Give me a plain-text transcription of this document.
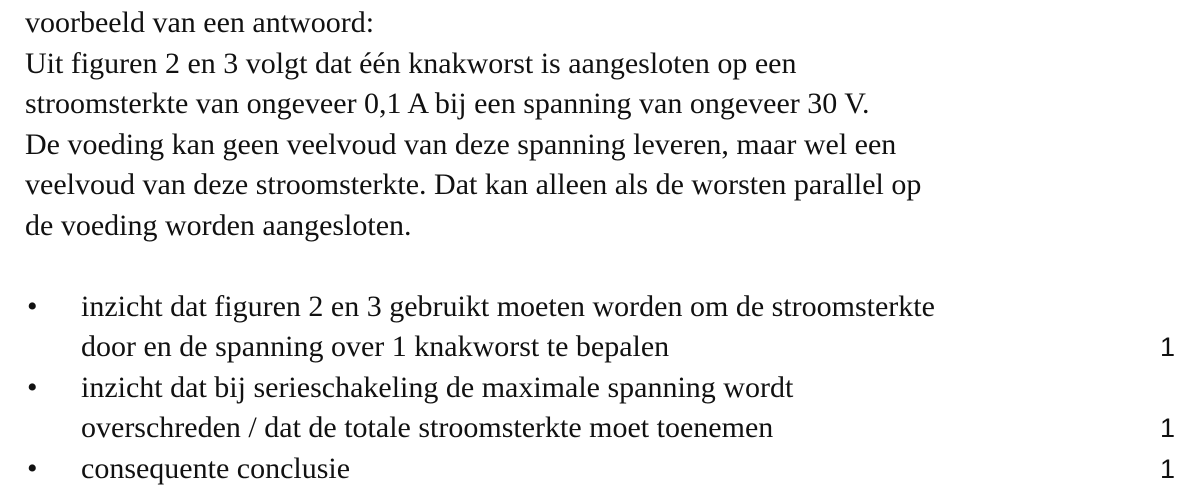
voorbeeld van een antwoord:
Uit figuren 2 en 3 volgt dat één knakworst is aangesloten op een
stroomsterkte van ongeveer 0,1 A bij een spanning van ongeveer 30 V.
De voeding kan geen veelvoud van deze spanning leveren, maar wel een
veelvoud van deze stroomsterkte. Dat kan alleen als de worsten parallel op
de voeding worden aangesloten.
• inzicht dat figuren 2 en 3 gebruikt moeten worden om de stroomsterkte
door en de spanning over 1 knakworst te bepalen	1
• inzicht dat bij serieschakeling de maximale spanning wordt
overschreden / dat de totale stroomsterkte moet toenemen	1
• consequente conclusie	1
